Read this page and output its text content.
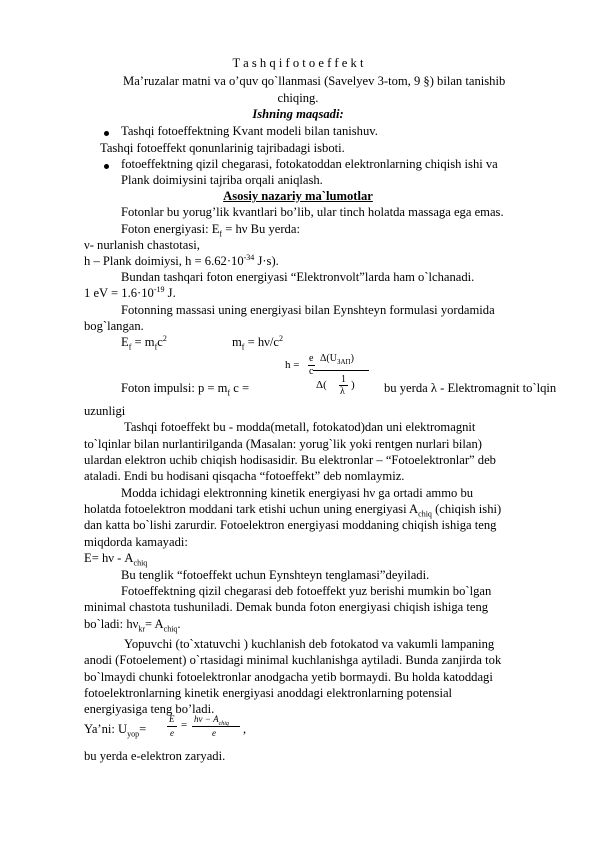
T a s h q i f o t o e f f e k t
Ma’ruzalar matni va o’quv qo`llanmasi (Savelyev 3-tom, 9 §) bilan tanishib
chiqing.
Ishning maqsadi:
Tashqi fotoeffektning Kvant modeli bilan tanishuv.
Tashqi fotoeffekt qonunlarinig tajribadagi isboti.
fotoeffektning qizil chegarasi, fotokatoddan elektronlarning chiqish ishi va
Plank doimiysini tajriba orqali aniqlash.
Asosiy nazariy ma`lumotlar
Fotonlar bu yorug’lik kvantlari bo’lib, ular tinch holatda massaga ega emas.
Foton energiyasi: $E_f = h\nu$ Bu yerda:
ν- nurlanish chastotasi,
h – Plank doimiysi, $h = 6.62\cdot 10^{-34}$ J·s).
Bundan tashqari foton energiyasi “Elektronvolt”larda ham o`lchanadi.
1 eV = $1.6\cdot 10^{-19}$ J.
Fotonning massasi uning energiyasi bilan Eynshteyn formulasi yordamida
bog`langan.
$E_f = m_fc^2$	$m_f = h\nu/c^2$
h =
e
c
$\Delta(U_{ЗАП})$
Foton impulsi: $p = m_f$ c =	Δ( 1
λ
) bu yerda λ - Elektromagnit to`lqin
uzunligi
Tashqi fotoeffekt bu - modda(metall, fotokatod)dan uni elektromagnit
to`lqinlar bilan nurlantirilganda (Masalan: yorug`lik yoki rentgen nurlari bilan)
ulardan elektron uchib chiqish hodisasidir. Bu elektronlar – “Fotoelektronlar” deb
ataladi. Endi bu hodisani qisqacha “fotoeffekt” deb nomlaymiz.
Modda ichidagi elektronning kinetik energiyasi hν ga ortadi ammo bu
holatda fotoelektron moddani tark etishi uchun uning energiyasi $A_{chiq}$ (chiqish ishi)
dan katta bo`lishi zarurdir. Fotoelektron energiyasi moddaning chiqish ishiga teng
miqdorda kamayadi:
$E= h\nu - A_{chiq}$
Bu tenglik “fotoeffekt uchun Eynshteyn tenglamasi”deyiladi.
Fotoeffektning qizil chegarasi deb fotoeffekt yuz berishi mumkin bo`lgan
minimal chastota tushuniladi. Demak bunda foton energiyasi chiqish ishiga teng
bo`ladi: $h\nu_{kr}= A_{chiq}$.
Yopuvchi (to`xtatuvchi ) kuchlanish deb fotokatod va vakumli lampaning
anodi (Fotoelement) o`rtasidagi minimal kuchlanishga aytiladi. Bunda zanjirda tok
bo`lmaydi chunki fotoelektronlar anodgacha yetib bormaydi. Bu holda katoddagi
fotoelektronlarning kinetik energiyasi anoddagi elektronlarning potensial
energiyasiga teng bo’ladi.
Ya’ni: $U_{yop}=$
E
e
= $h\nu - A_{chiq}$
e ,
bu yerda e-elektron zaryadi.
